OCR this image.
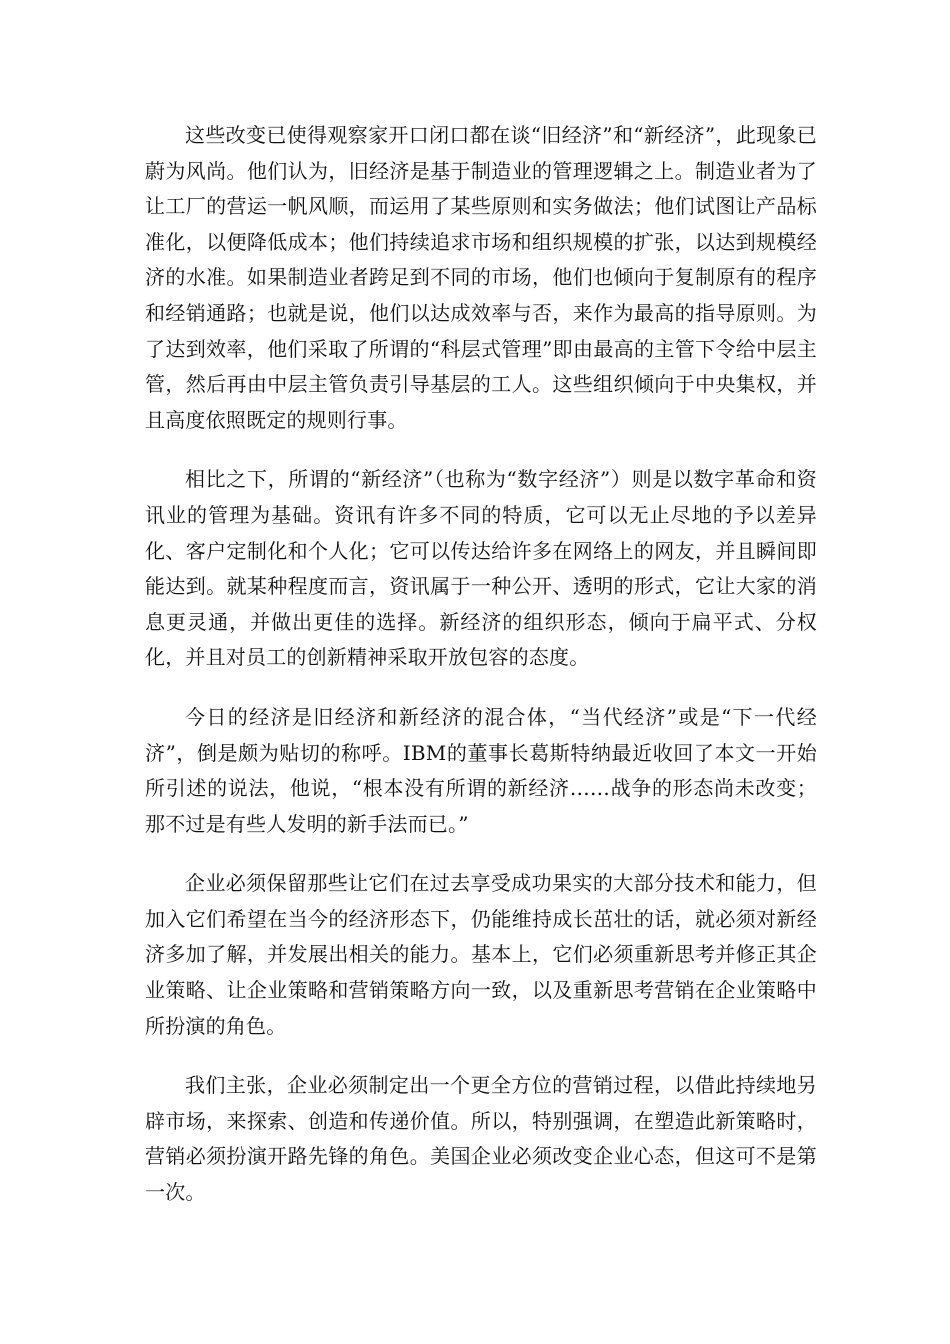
这些改变已使得观察家开口闭口都在谈“旧经济”和“新经济”，此现象已蔚为风尚。他们认为，旧经济是基于制造业的管理逻辑之上。制造业者为了让工厂的营运一帆风顺，而运用了某些原则和实务做法；他们试图让产品标准化，以便降低成本；他们持续追求市场和组织规模的扩张，以达到规模经济的水准。如果制造业者跨足到不同的市场，他们也倾向于复制原有的程序和经销通路；也就是说，他们以达成效率与否，来作为最高的指导原则。为了达到效率，他们采取了所谓的“科层式管理”即由最高的主管下令给中层主管，然后再由中层主管负责引导基层的工人。这些组织倾向于中央集权，并且高度依照既定的规则行事。

相比之下，所谓的“新经济”（也称为“数字经济”）则是以数字革命和资讯业的管理为基础。资讯有许多不同的特质，它可以无止尽地的予以差异化、客户定制化和个人化；它可以传达给许多在网络上的网友，并且瞬间即能达到。就某种程度而言，资讯属于一种公开、透明的形式，它让大家的消息更灵通，并做出更佳的选择。新经济的组织形态，倾向于扁平式、分权化，并且对员工的创新精神采取开放包容的态度。

今日的经济是旧经济和新经济的混合体，“当代经济”或是“下一代经济”，倒是颇为贴切的称呼。IBM的董事长葛斯特纳最近收回了本文一开始所引述的说法，他说，“根本没有所谓的新经济……战争的形态尚未改变；那不过是有些人发明的新手法而已。”

企业必须保留那些让它们在过去享受成功果实的大部分技术和能力，但加入它们希望在当今的经济形态下，仍能维持成长茁壮的话，就必须对新经济多加了解，并发展出相关的能力。基本上，它们必须重新思考并修正其企业策略、让企业策略和营销策略方向一致，以及重新思考营销在企业策略中所扮演的角色。

我们主张，企业必须制定出一个更全方位的营销过程，以借此持续地另辟市场，来探索、创造和传递价值。所以，特别强调，在塑造此新策略时，营销必须扮演开路先锋的角色。美国企业必须改变企业心态，但这可不是第一次。
